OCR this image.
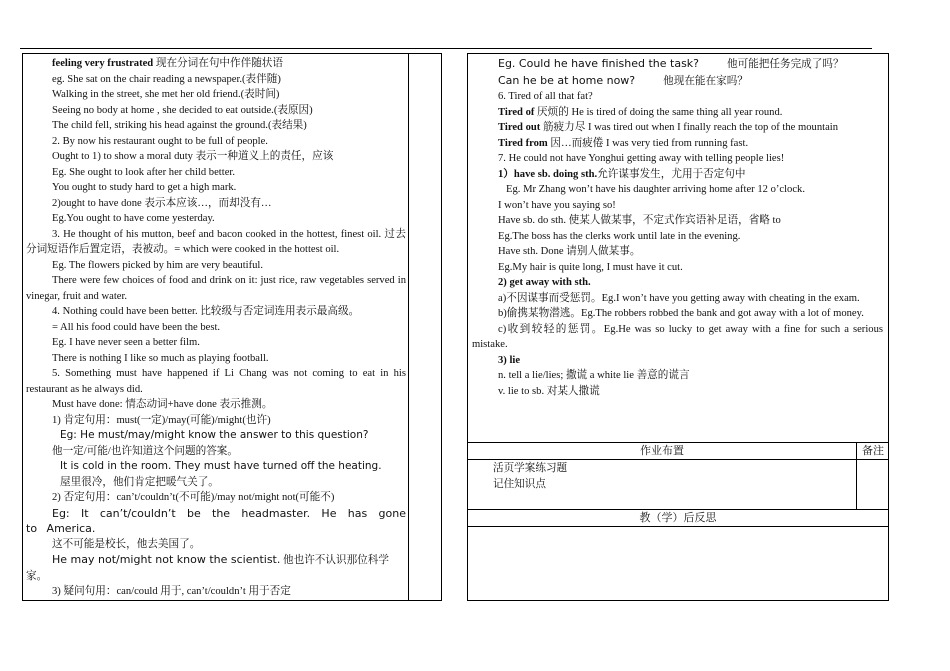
feeling very frustrated 现在分词在句中作伴随状语

eg. She sat on the chair reading a newspaper.(表伴随)

Walking in the street, she met her old friend.(表时间)

Seeing no body at home , she decided to eat outside.(表原因)

The child fell, striking his head against the ground.(表结果)

2. By now his restaurant ought to be full of people.

Ought to 1) to show a moral duty 表示一种道义上的责任，应该

Eg. She ought to look after her child better.

You ought to study hard to get a high mark.

2)ought to have done 表示本应该…，而却没有…

Eg.You ought to have come yesterday.

3. He thought of his mutton, beef and bacon cooked in the hottest, finest oil. 过去分词短语作后置定语，表被动。= which were cooked in the hottest oil.

Eg. The flowers picked by him are very beautiful.

There were few choices of food and drink on it: just rice, raw vegetables served in vinegar, fruit and water.

4. Nothing could have been better. 比较级与否定词连用表示最高级。

= All his food could have been the best.

Eg. I have never seen a better film.

There is nothing I like so much as playing football.

5. Something must have happened if Li Chang was not coming to eat in his restaurant as he always did.

Must have done: 情态动词+have done 表示推测。

1) 肯定句用：must(一定)/may(可能)/might(也许)

Eg: He must/may/might know the answer to this question?

他一定/可能/也许知道这个问题的答案。

It is cold in the room. They must have turned off the heating.

屋里很冷，他们肯定把暖气关了。

2) 否定句用：can’t/couldn’t(不可能)/may not/might not(可能不)

Eg: It can’t/couldn’t be the headmaster. He has gone to America.

这不可能是校长，他去美国了。

He may not/might not know the scientist. 他也许不认识那位科学家。

3) 疑问句用：can/could 用于, can’t/couldn’t 用于否定

Eg. Could he have finished the task?	他可能把任务完成了吗？

Can he be at home now?	他现在能在家吗？

6. Tired of all that fat?

Tired of 厌烦的 He is tired of doing the same thing all year round.

Tired out 筋疲力尽 I was tired out when I finally reach the top of the mountain

Tired from 因…而疲倦 I was very tied from running fast.

7. He could not have Yonghui getting away with telling people lies!

1）have sb. doing sth.允许谋事发生，尤用于否定句中

Eg. Mr Zhang won’t have his daughter arriving home after 12 o’clock.

I won’t have you saying so!

Have sb. do sth. 使某人做某事，不定式作宾语补足语，省略 to

Eg.The boss has the clerks work until late in the evening.

Have sth. Done 请别人做某事。

Eg.My hair is quite long, I must have it cut.

2) get away with sth.

a)不因谋事而受惩罚。Eg.I won’t have you getting away with cheating in the exam.

b)偷携某物潜逃。Eg.The robbers robbed the bank and got away with a lot of money.

c)收到较轻的惩罚。Eg.He was so lucky to get away with a fine for such a serious mistake.

3) lie

n. tell a lie/lies; 撒谎 a white lie 善意的谎言

v. lie to sb. 对某人撒谎

作业布置	备注

活页学案练习题

记住知识点

教（学）后反思
